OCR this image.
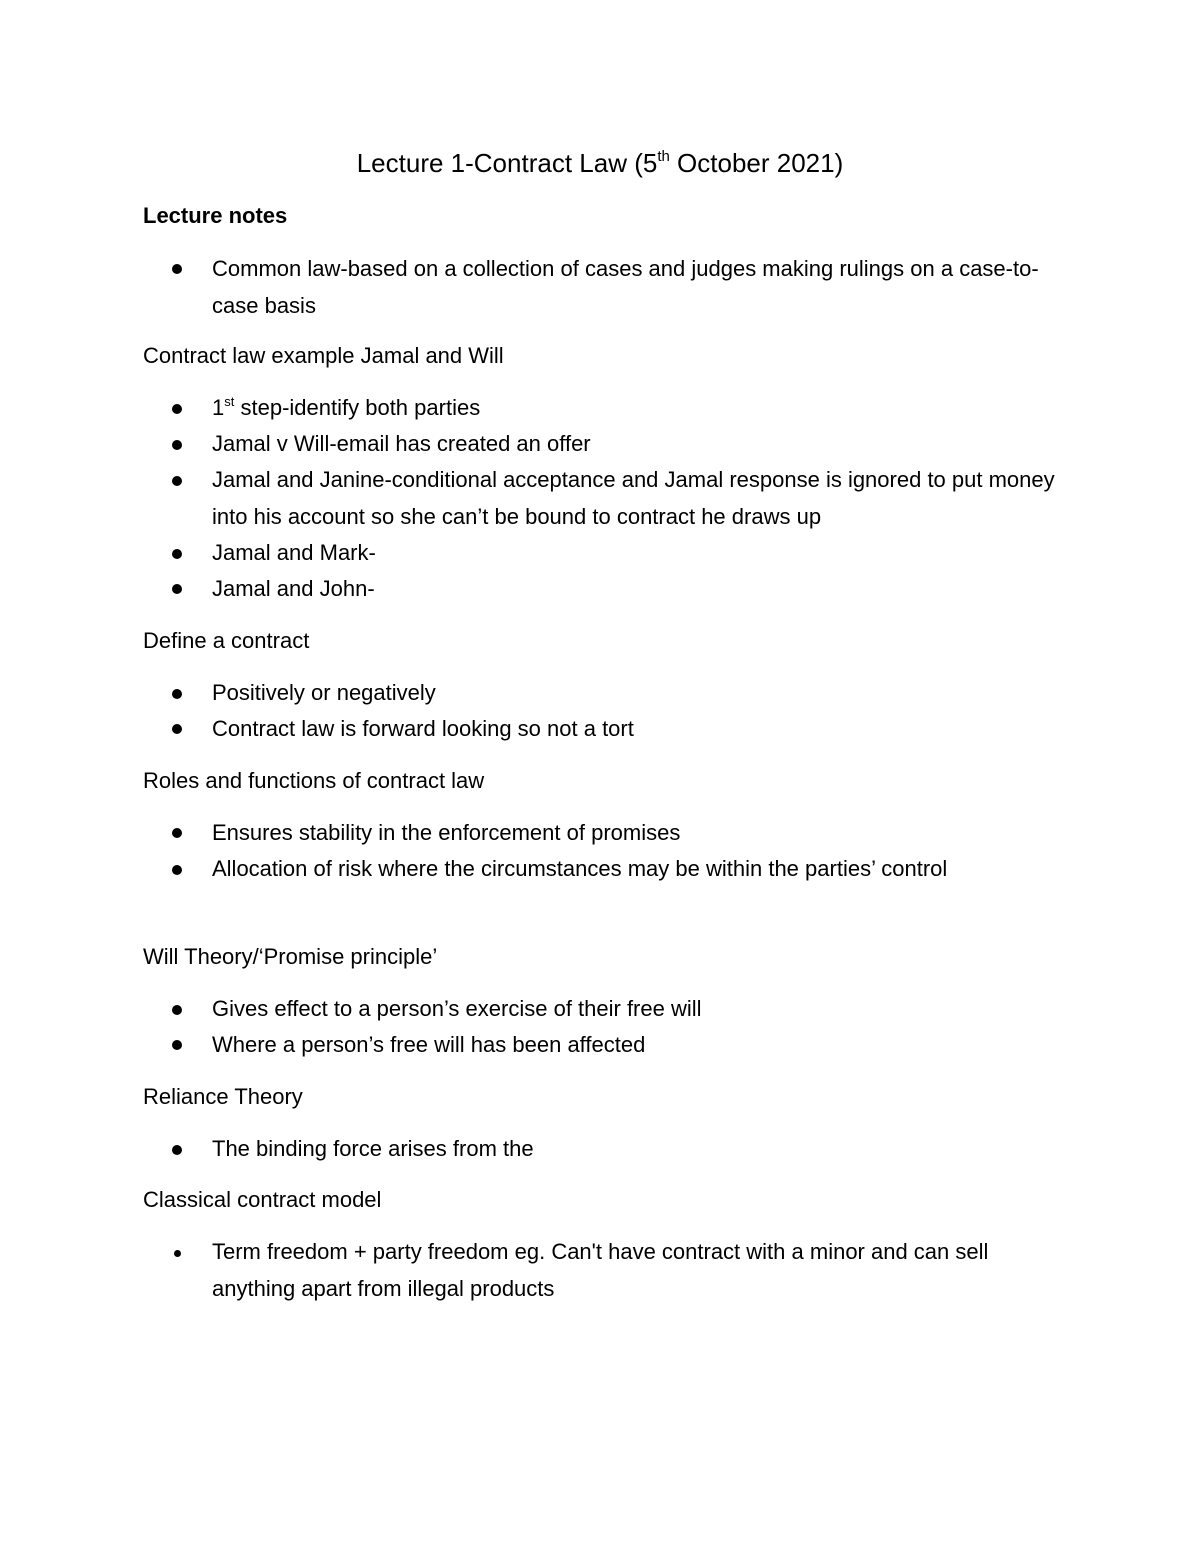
Lecture 1-Contract Law (5th October 2021)
Lecture notes
Common law-based on a collection of cases and judges making rulings on a case-to-case basis
Contract law example Jamal and Will
1st step-identify both parties
Jamal v Will-email has created an offer
Jamal and Janine-conditional acceptance and Jamal response is ignored to put money into his account so she can’t be bound to contract he draws up
Jamal and Mark-
Jamal and John-
Define a contract
Positively or negatively
Contract law is forward looking so not a tort
Roles and functions of contract law
Ensures stability in the enforcement of promises
Allocation of risk where the circumstances may be within the parties’ control
Will Theory/‘Promise principle’
Gives effect to a person’s exercise of their free will
Where a person’s free will has been affected
Reliance Theory
The binding force arises from the
Classical contract model
Term freedom + party freedom eg. Can't have contract with a minor and can sell anything apart from illegal products
